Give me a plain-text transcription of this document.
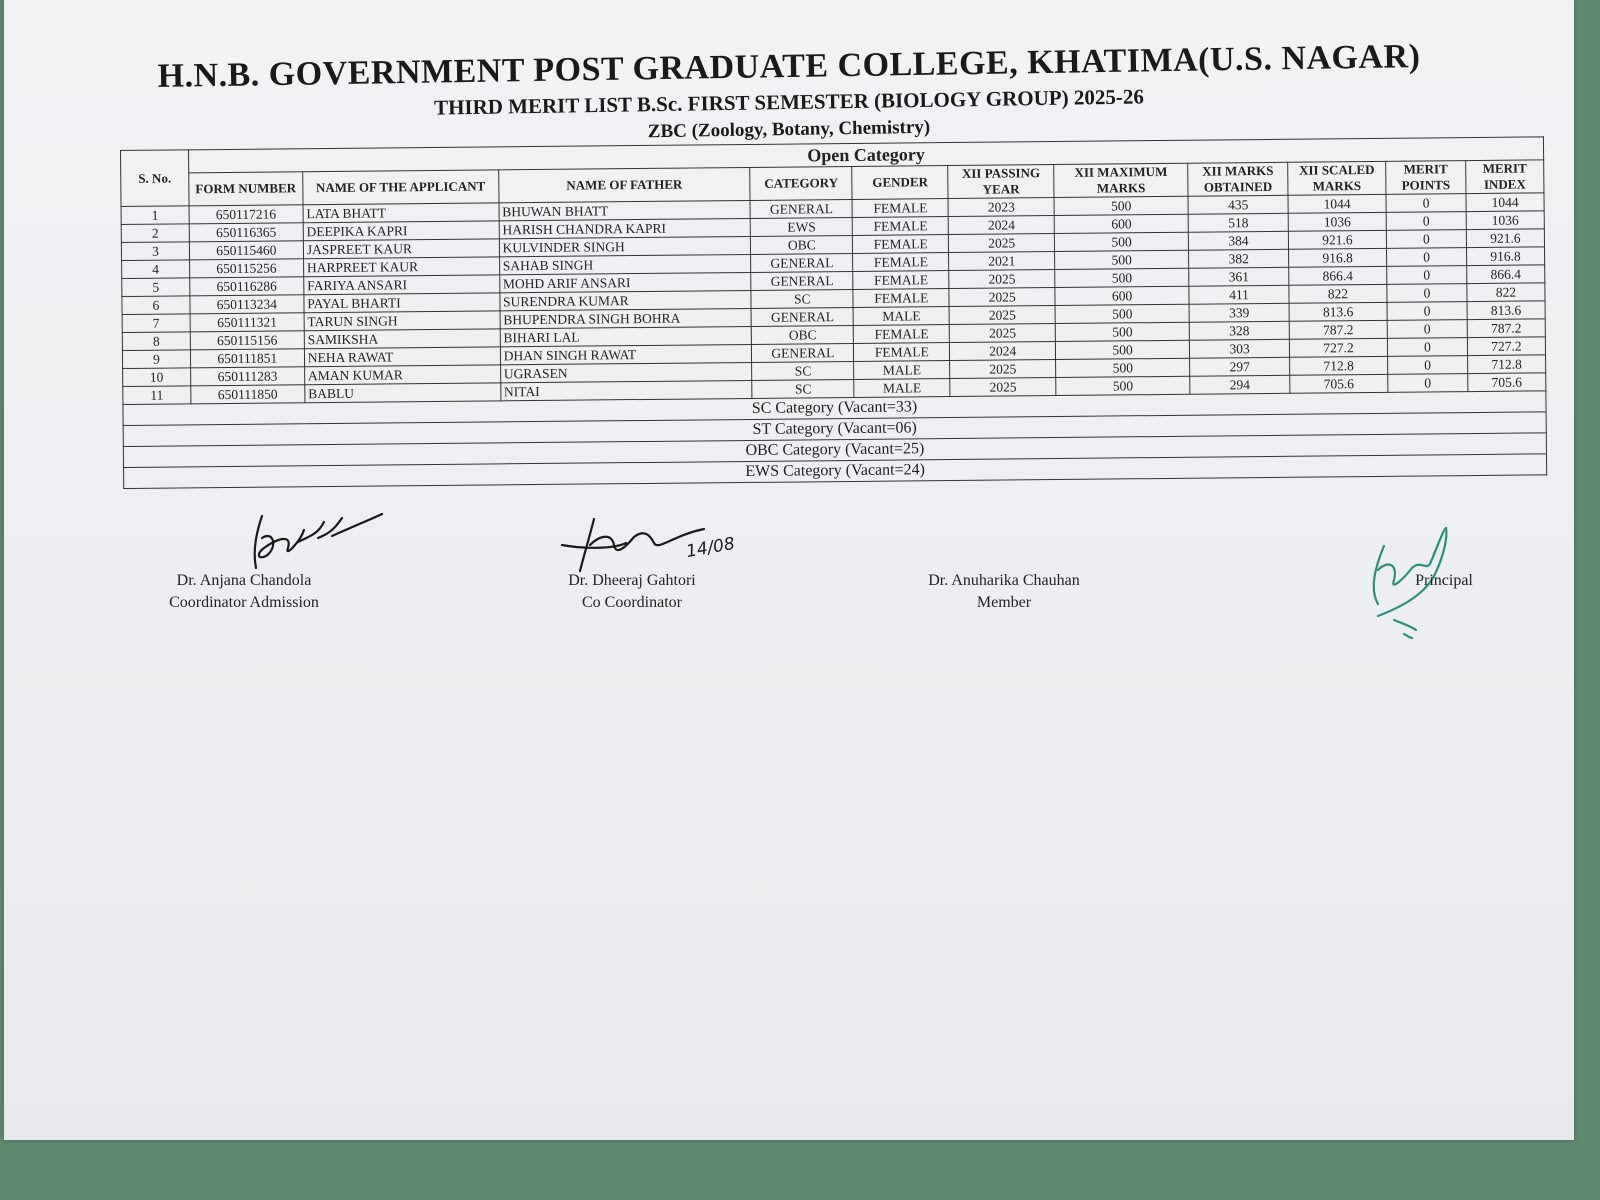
H.N.B. GOVERNMENT POST GRADUATE COLLEGE, KHATIMA(U.S. NAGAR)
THIRD MERIT LIST B.Sc. FIRST SEMESTER (BIOLOGY GROUP) 2025-26
ZBC (Zoology, Botany, Chemistry)
S. No.	Open Category										
	FORM NUMBER	NAME OF THE APPLICANT	NAME OF FATHER	CATEGORY	GENDER	XII PASSING YEAR	XII MAXIMUM MARKS	XII MARKS OBTAINED	XII SCALED MARKS	MERIT POINTS	MERIT INDEX
1	650117216	LATA BHATT	BHUWAN BHATT	GENERAL	FEMALE	2023	500	435	1044	0	1044
2	650116365	DEEPIKA KAPRI	HARISH CHANDRA KAPRI	EWS	FEMALE	2024	600	518	1036	0	1036
3	650115460	JASPREET KAUR	KULVINDER SINGH	OBC	FEMALE	2025	500	384	921.6	0	921.6
4	650115256	HARPREET KAUR	SAHAB SINGH	GENERAL	FEMALE	2021	500	382	916.8	0	916.8
5	650116286	FARIYA ANSARI	MOHD ARIF ANSARI	GENERAL	FEMALE	2025	500	361	866.4	0	866.4
6	650113234	PAYAL BHARTI	SURENDRA KUMAR	SC	FEMALE	2025	600	411	822	0	822
7	650111321	TARUN SINGH	BHUPENDRA SINGH BOHRA	GENERAL	MALE	2025	500	339	813.6	0	813.6
8	650115156	SAMIKSHA	BIHARI LAL	OBC	FEMALE	2025	500	328	787.2	0	787.2
9	650111851	NEHA RAWAT	DHAN SINGH RAWAT	GENERAL	FEMALE	2024	500	303	727.2	0	727.2
10	650111283	AMAN KUMAR	UGRASEN	SC	MALE	2025	500	297	712.8	0	712.8
11	650111850	BABLU	NITAI	SC	MALE	2025	500	294	705.6	0	705.6
SC Category (Vacant=33)											
ST Category (Vacant=06)											
OBC Category (Vacant=25)											
EWS Category (Vacant=24)											
Dr. Anjana Chandola
Coordinator Admission
14/08
Dr. Dheeraj Gahtori
Co Coordinator
Dr. Anuharika Chauhan
Member
Principal
